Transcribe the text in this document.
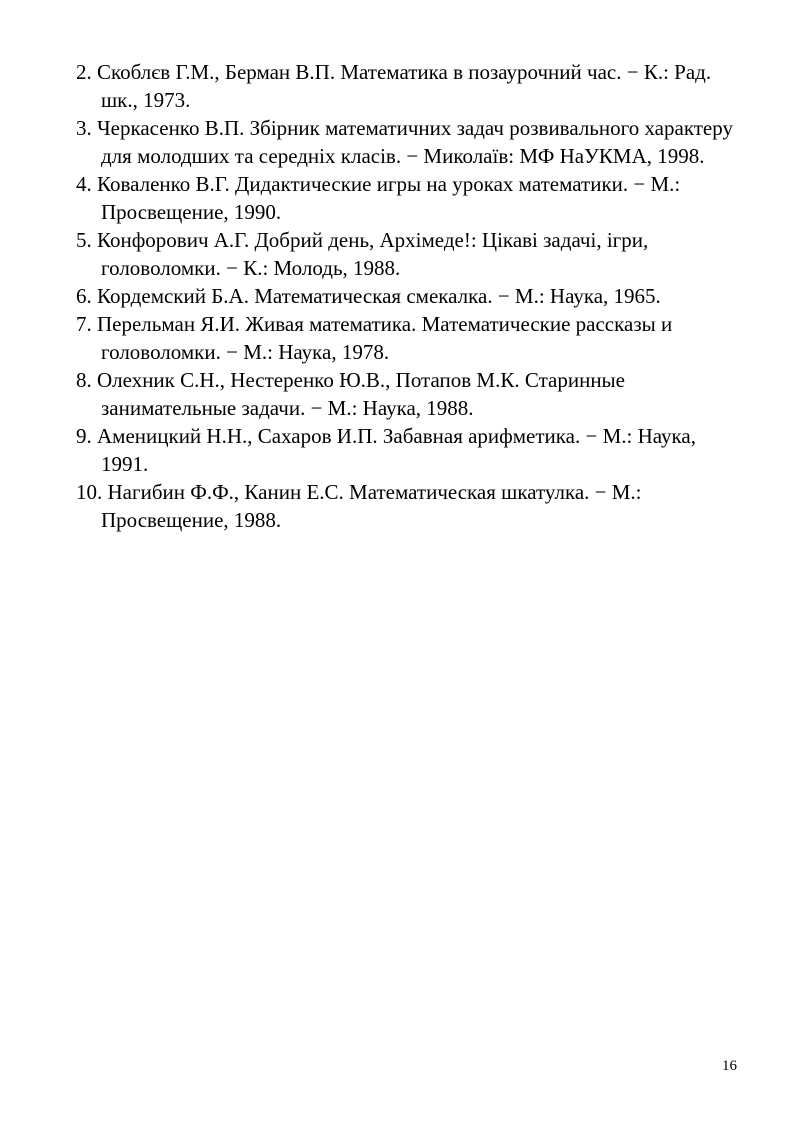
2. Скоблєв Г.М., Берман В.П. Математика в позаурочний час. − К.: Рад. шк., 1973.
3. Черкасенко В.П. Збірник математичних задач розвивального характеру для молодших та середніх класів. − Миколаїв: МФ НаУКМА, 1998.
4. Коваленко В.Г. Дидактические игры на уроках математики. − М.: Просвещение, 1990.
5. Конфорович А.Г. Добрий день, Архімеде!: Цікаві задачі, ігри, головоломки. − К.: Молодь, 1988.
6. Кордемский Б.А. Математическая смекалка. − М.: Наука, 1965.
7. Перельман Я.И. Живая математика. Математические рассказы и головоломки. − М.: Наука, 1978.
8. Олехник С.Н., Нестеренко Ю.В., Потапов М.К. Старинные занимательные задачи. − М.: Наука, 1988.
9. Аменицкий Н.Н., Сахаров И.П. Забавная арифметика. − М.: Наука, 1991.
10. Нагибин Ф.Ф., Канин Е.С. Математическая шкатулка. − М.: Просвещение, 1988.
16
